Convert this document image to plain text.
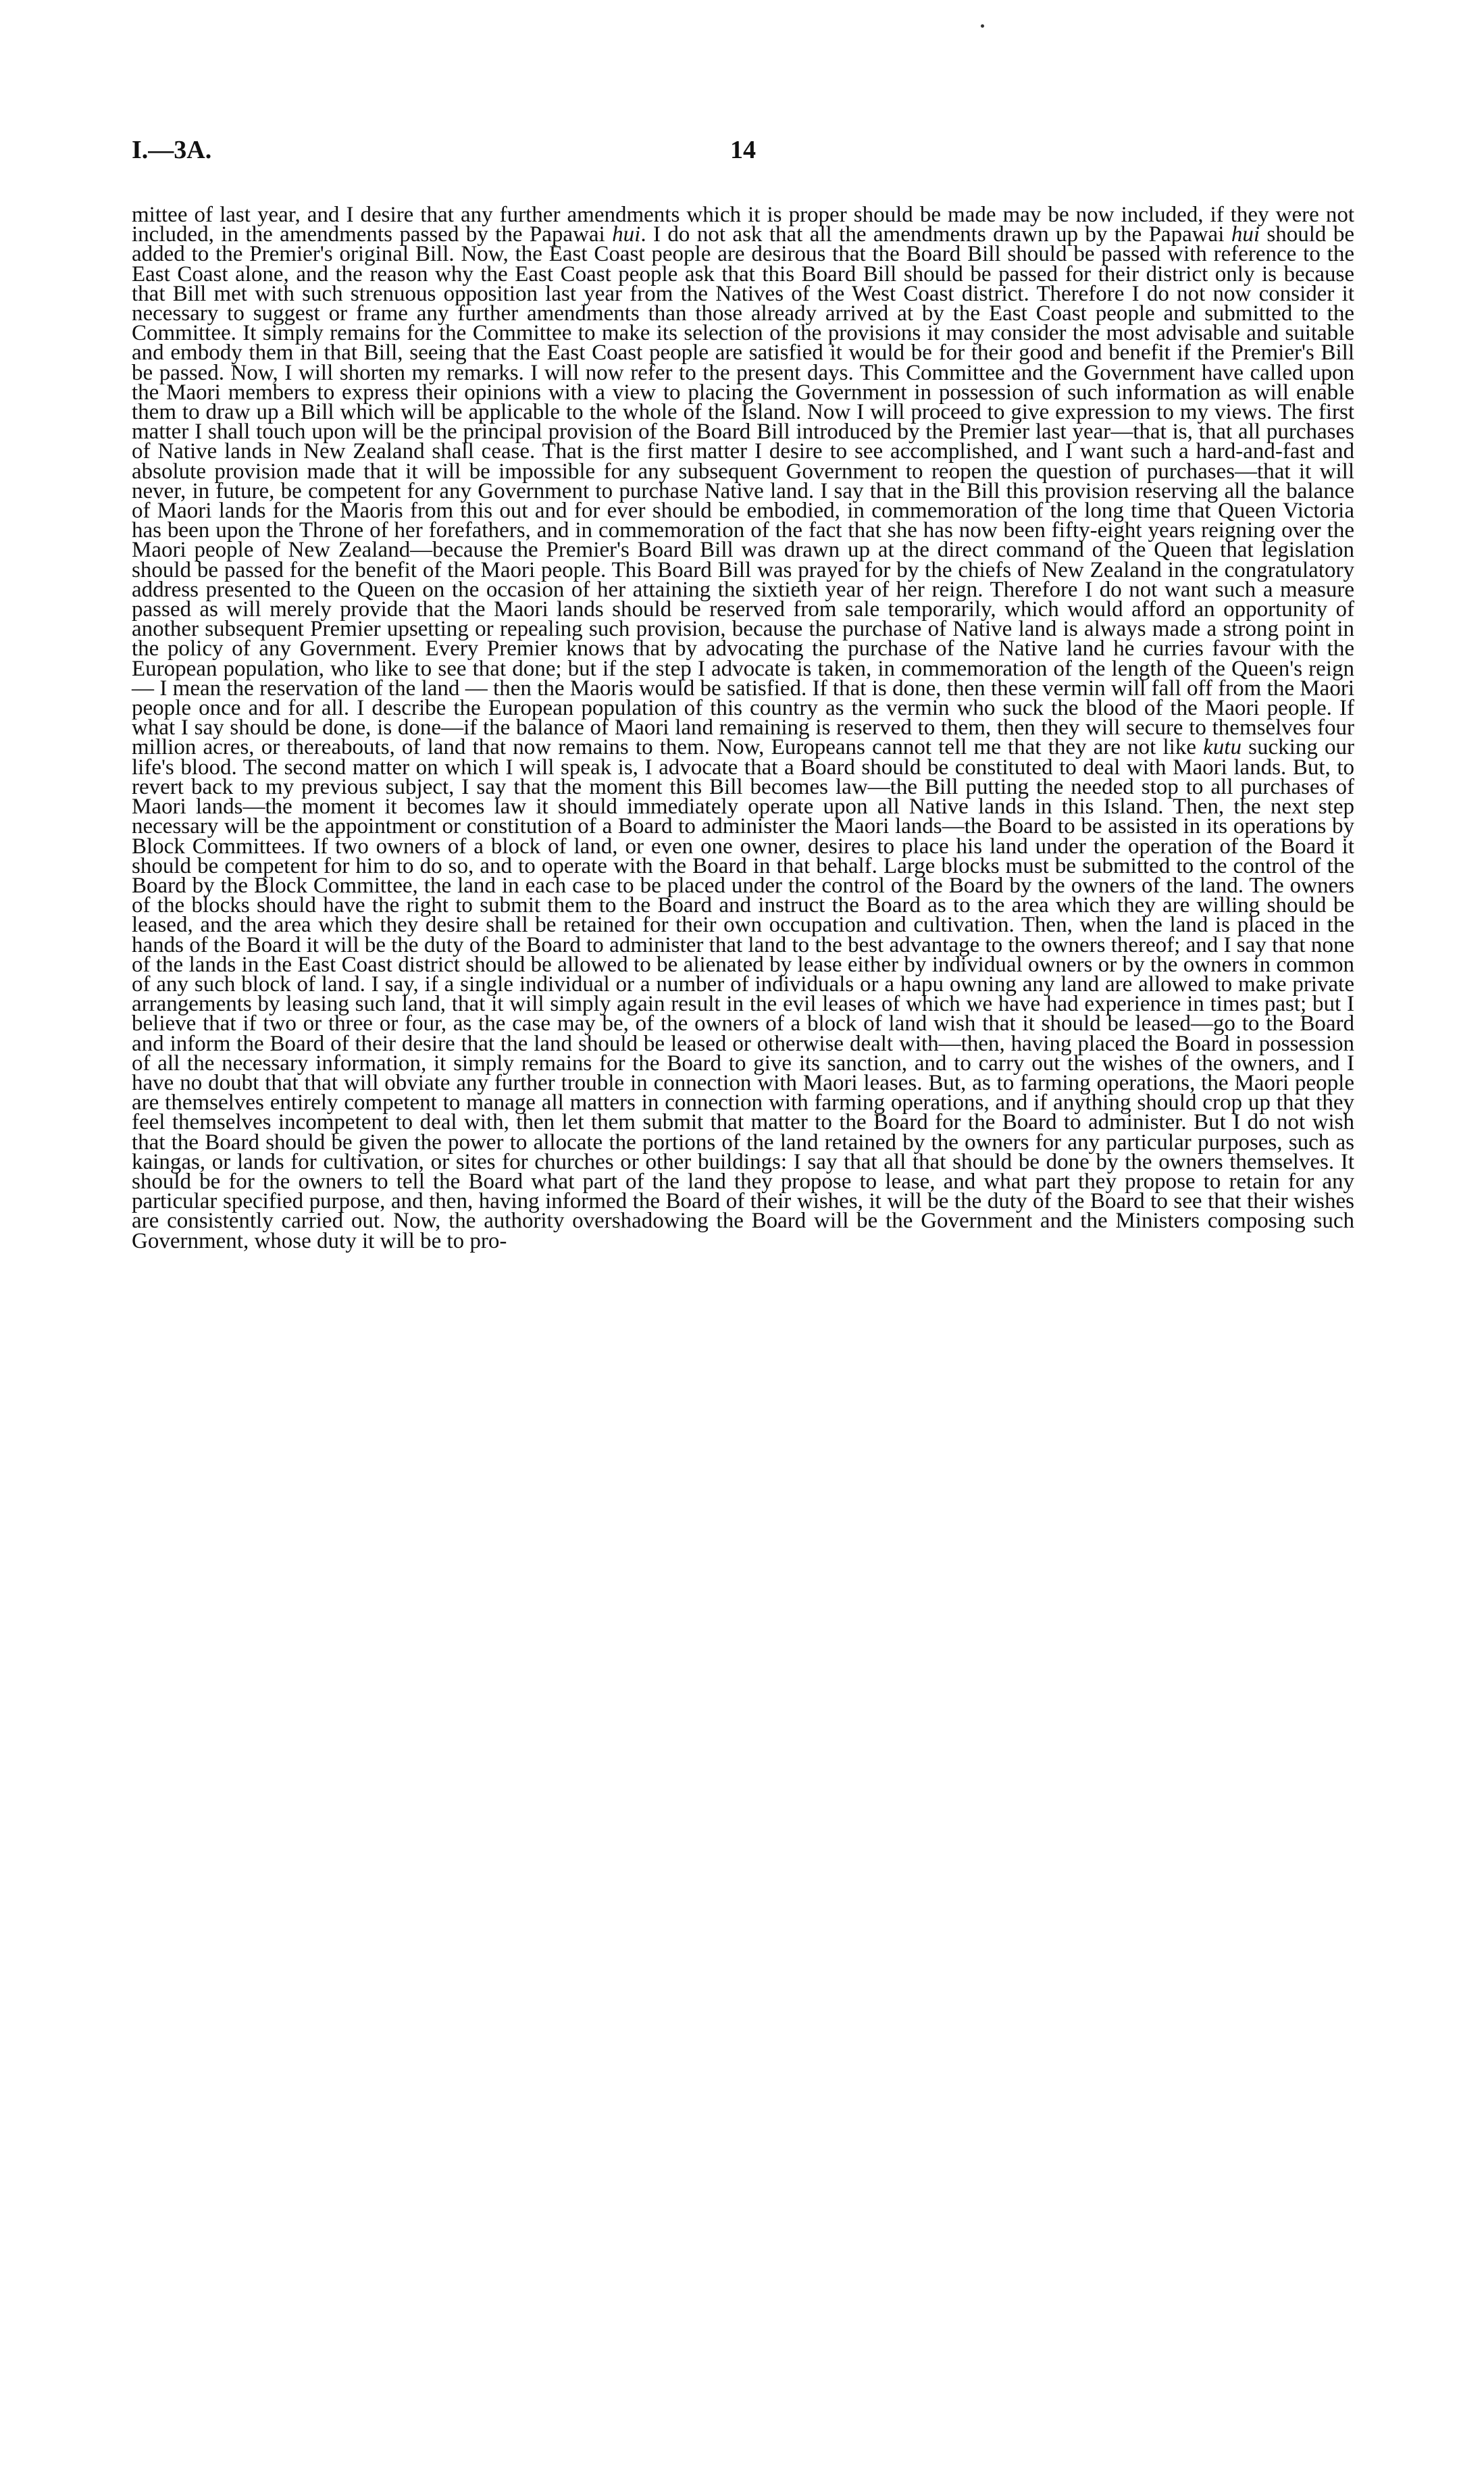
I.—3A.	14

mittee of last year, and I desire that any further amendments which it is proper should be made may be now included, if they were not included, in the amendments passed by the Papawai hui. I do not ask that all the amendments drawn up by the Papawai hui should be added to the Premier's original Bill. Now, the East Coast people are desirous that the Board Bill should be passed with reference to the East Coast alone, and the reason why the East Coast people ask that this Board Bill should be passed for their district only is because that Bill met with such strenuous opposition last year from the Natives of the West Coast district. Therefore I do not now consider it necessary to suggest or frame any further amendments than those already arrived at by the East Coast people and submitted to the Committee. It simply remains for the Committee to make its selection of the provisions it may consider the most advisable and suitable and embody them in that Bill, seeing that the East Coast people are satisfied it would be for their good and benefit if the Premier's Bill be passed. Now, I will shorten my remarks. I will now refer to the present days. This Committee and the Government have called upon the Maori members to express their opinions with a view to placing the Government in possession of such information as will enable them to draw up a Bill which will be applicable to the whole of the Island. Now I will proceed to give expression to my views. The first matter I shall touch upon will be the principal provision of the Board Bill introduced by the Premier last year—that is, that all purchases of Native lands in New Zealand shall cease. That is the first matter I desire to see accomplished, and I want such a hard-and-fast and absolute provision made that it will be impossible for any subsequent Government to reopen the question of purchases—that it will never, in future, be competent for any Government to purchase Native land. I say that in the Bill this provision reserving all the balance of Maori lands for the Maoris from this out and for ever should be embodied, in commemoration of the long time that Queen Victoria has been upon the Throne of her forefathers, and in commemoration of the fact that she has now been fifty-eight years reigning over the Maori people of New Zealand—because the Premier's Board Bill was drawn up at the direct command of the Queen that legislation should be passed for the benefit of the Maori people. This Board Bill was prayed for by the chiefs of New Zealand in the congratulatory address presented to the Queen on the occasion of her attaining the sixtieth year of her reign. Therefore I do not want such a measure passed as will merely provide that the Maori lands should be reserved from sale temporarily, which would afford an opportunity of another subsequent Premier upsetting or repealing such provision, because the purchase of Native land is always made a strong point in the policy of any Government. Every Premier knows that by advocating the purchase of the Native land he curries favour with the European population, who like to see that done; but if the step I advocate is taken, in commemoration of the length of the Queen's reign — I mean the reservation of the land — then the Maoris would be satisfied. If that is done, then these vermin will fall off from the Maori people once and for all. I describe the European population of this country as the vermin who suck the blood of the Maori people. If what I say should be done, is done—if the balance of Maori land remaining is reserved to them, then they will secure to themselves four million acres, or thereabouts, of land that now remains to them. Now, Europeans cannot tell me that they are not like kutu sucking our life's blood. The second matter on which I will speak is, I advocate that a Board should be constituted to deal with Maori lands. But, to revert back to my previous subject, I say that the moment this Bill becomes law—the Bill putting the needed stop to all purchases of Maori lands—the moment it becomes law it should immediately operate upon all Native lands in this Island. Then, the next step necessary will be the appointment or constitution of a Board to administer the Maori lands—the Board to be assisted in its operations by Block Committees. If two owners of a block of land, or even one owner, desires to place his land under the operation of the Board it should be competent for him to do so, and to operate with the Board in that behalf. Large blocks must be submitted to the control of the Board by the Block Committee, the land in each case to be placed under the control of the Board by the owners of the land. The owners of the blocks should have the right to submit them to the Board and instruct the Board as to the area which they are willing should be leased, and the area which they desire shall be retained for their own occupation and cultivation. Then, when the land is placed in the hands of the Board it will be the duty of the Board to administer that land to the best advantage to the owners thereof; and I say that none of the lands in the East Coast district should be allowed to be alienated by lease either by individual owners or by the owners in common of any such block of land. I say, if a single individual or a number of individuals or a hapu owning any land are allowed to make private arrangements by leasing such land, that it will simply again result in the evil leases of which we have had experience in times past; but I believe that if two or three or four, as the case may be, of the owners of a block of land wish that it should be leased—go to the Board and inform the Board of their desire that the land should be leased or otherwise dealt with—then, having placed the Board in possession of all the necessary information, it simply remains for the Board to give its sanction, and to carry out the wishes of the owners, and I have no doubt that that will obviate any further trouble in connection with Maori leases. But, as to farming operations, the Maori people are themselves entirely competent to manage all matters in connection with farming operations, and if anything should crop up that they feel themselves incompetent to deal with, then let them submit that matter to the Board for the Board to administer. But I do not wish that the Board should be given the power to allocate the portions of the land retained by the owners for any particular purposes, such as kaingas, or lands for cultivation, or sites for churches or other buildings: I say that all that should be done by the owners themselves. It should be for the owners to tell the Board what part of the land they propose to lease, and what part they propose to retain for any particular specified purpose, and then, having informed the Board of their wishes, it will be the duty of the Board to see that their wishes are consistently carried out. Now, the authority overshadowing the Board will be the Government and the Ministers composing such Government, whose duty it will be to pro-
